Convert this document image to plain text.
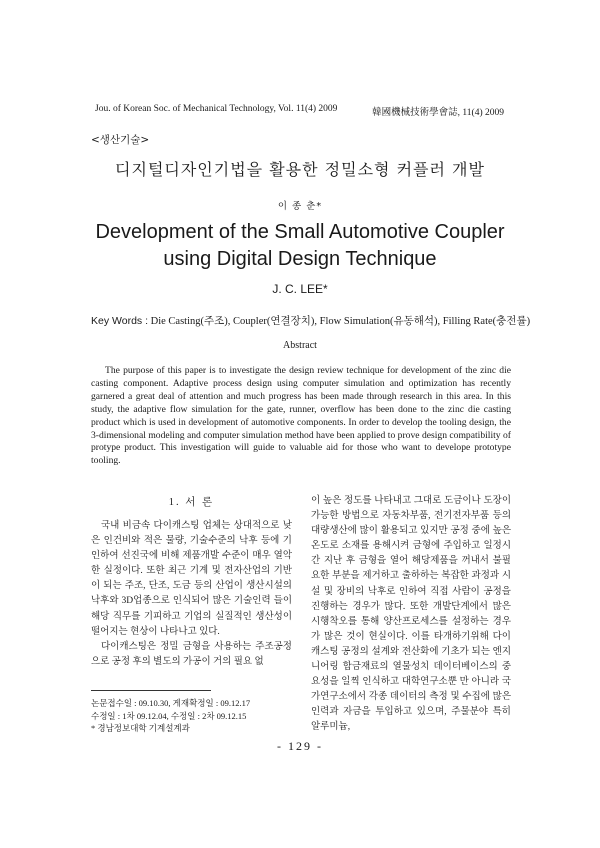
Jou. of Korean Soc. of Mechanical Technology, Vol. 11(4) 2009	韓國機械技術學會誌, 11(4) 2009
<생산기술>
디지털디자인기법을 활용한 정밀소형 커플러 개발
이 종 춘*
Development of the Small Automotive Coupler
using Digital Design Technique
J. C. LEE*
Key Words : Die Casting(주조), Coupler(연결장치), Flow Simulation(유동해석), Filling Rate(충전률)
Abstract

The purpose of this paper is to investigate the design review technique for development of the zinc die casting component. Adaptive process design using computer simulation and optimization has recently garnered a great deal of attention and much progress has been made through research in this area. In this study, the adaptive flow simulation for the gate, runner, overflow has been done to the zinc die casting product which is used in development of automotive components. In order to develop the tooling design, the 3-dimensional modeling and computer simulation method have been applied to prove design compatibility of protype product. This investigation will guide to valuable aid for those who want to develope prototype tooling.

1. 서 론

국내 비금속 다이캐스팅 업체는 상대적으로 낮은 인건비와 적은 물량, 기술수준의 낙후 등에 기인하여 선진국에 비해 제품개발 수준이 매우 열악한 실정이다. 또한 최근 기계 및 전자산업의 기반이 되는 주조, 단조, 도금 등의 산업이 생산시설의 낙후와 3D업종으로 인식되어 많은 기술인력 들이 해당 직무를 기피하고 기업의 실질적인 생산성이 떨어지는 현상이 나타나고 있다.

다이캐스팅은 정밀 금형을 사용하는 주조공정으로 공정 후의 별도의 가공이 거의 필요 없

이 높은 정도를 나타내고 그대로 도금이나 도장이 가능한 방법으로 자동차부품, 전기전자부품 등의 대량생산에 많이 활용되고 있지만 공정 중에 높은 온도로 소재를 용해시켜 금형에 주입하고 일정시간 지난 후 금형을 열어 해당제품을 꺼내서 불필요한 부분을 제거하고 출하하는 복잡한 과정과 시설 및 장비의 낙후로 인하여 직접 사람이 공정을 진행하는 경우가 많다. 또한 개발단계에서 많은 시행착오를 통해 양산프로세스를 설정하는 경우가 많은 것이 현실이다. 이를 타개하기위해 다이캐스팅 공정의 설계와 전산화에 기초가 되는 엔지니어링 합금재료의 열물성치 데이터베이스의 중요성을 일찍 인식하고 대학연구소뿐 만 아니라 국가연구소에서 각종 데이터의 측정 및 수집에 많은 인력과 자금을 투입하고 있으며, 주물분야 특히 알루미늄,

논문접수일 : 09.10.30, 게재확정일 : 09.12.17
수정일 : 1차 09.12.04, 수정일 : 2차 09.12.15
* 경남정보대학 기계설계과
- 129 -
